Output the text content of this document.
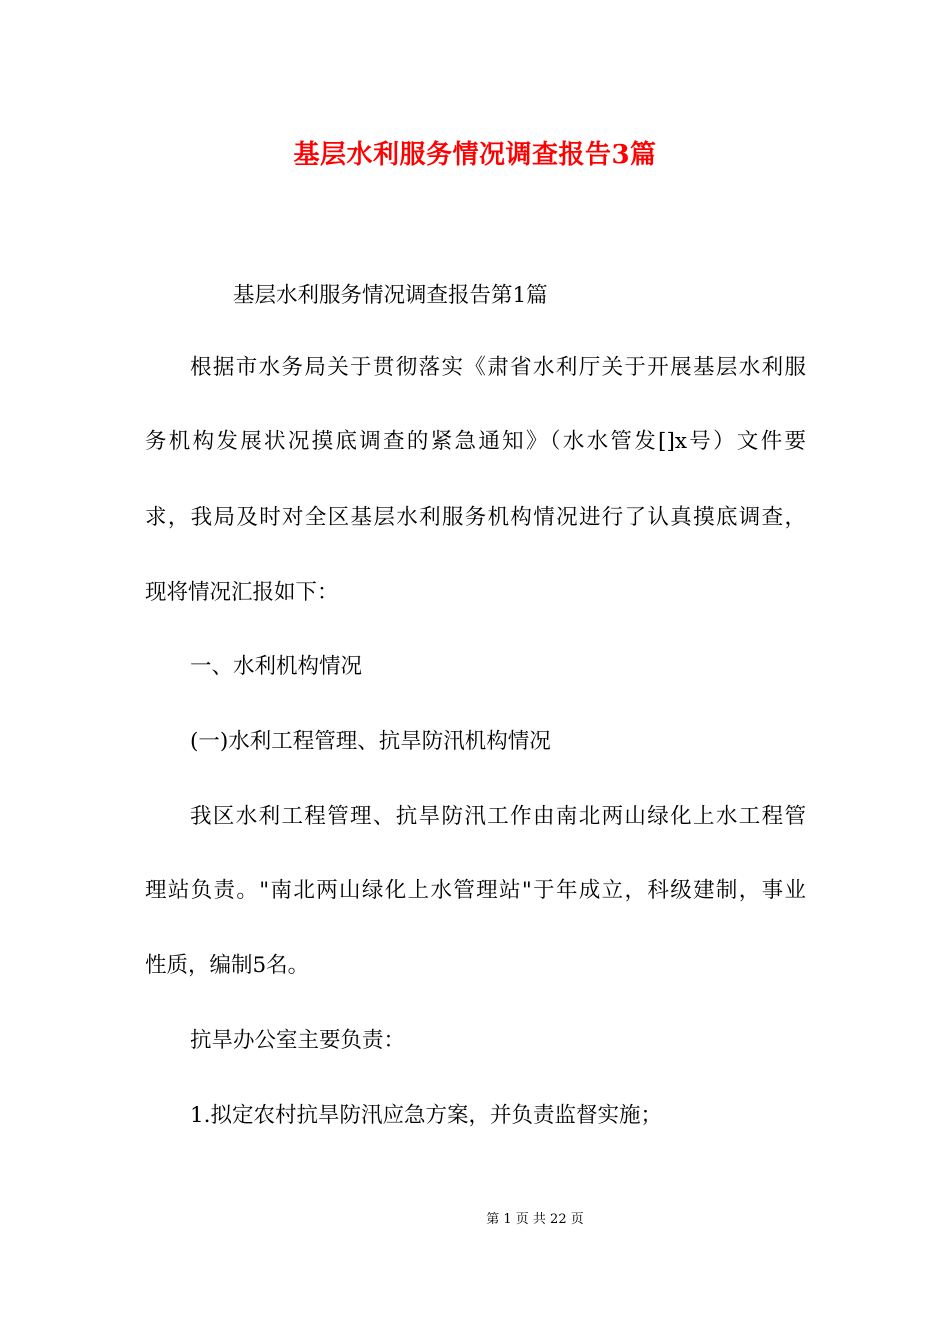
基层水利服务情况调查报告3篇

基层水利服务情况调查报告第1篇

根据市水务局关于贯彻落实《肃省水利厅关于开展基层水利服

务机构发展状况摸底调查的紧急通知》（水水管发[]x号）文件要

求，我局及时对全区基层水利服务机构情况进行了认真摸底调查，

现将情况汇报如下：

一、水利机构情况

(一)水利工程管理、抗旱防汛机构情况

我区水利工程管理、抗旱防汛工作由南北两山绿化上水工程管

理站负责。"南北两山绿化上水管理站"于年成立，科级建制，事业

性质，编制5名。

抗旱办公室主要负责：

1.拟定农村抗旱防汛应急方案，并负责监督实施；

第 1 页 共 22 页
